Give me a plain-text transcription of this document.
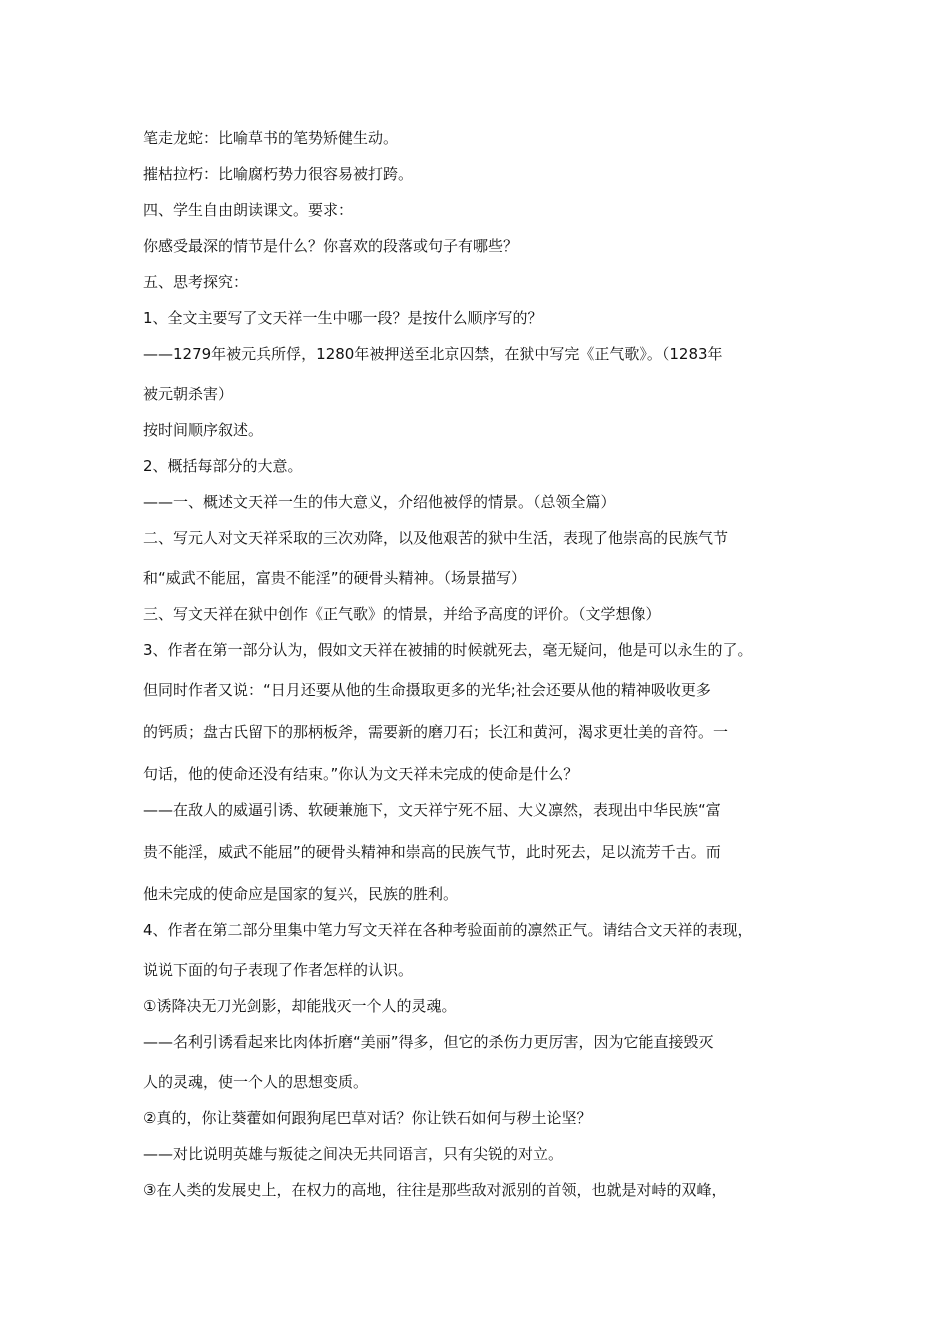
笔走龙蛇：比喻草书的笔势矫健生动。
摧枯拉朽：比喻腐朽势力很容易被打跨。
四、学生自由朗读课文。要求：
你感受最深的情节是什么？你喜欢的段落或句子有哪些？
五、思考探究：
1、全文主要写了文天祥一生中哪一段？是按什么顺序写的？
——1279年被元兵所俘，1280年被押送至北京囚禁，在狱中写完《正气歌》。（1283年
被元朝杀害）
按时间顺序叙述。
2、概括每部分的大意。
——一、概述文天祥一生的伟大意义，介绍他被俘的情景。（总领全篇）
二、写元人对文天祥采取的三次劝降，以及他艰苦的狱中生活，表现了他崇高的民族气节
和“威武不能屈，富贵不能淫”的硬骨头精神。（场景描写）
三、写文天祥在狱中创作《正气歌》的情景，并给予高度的评价。（文学想像）
3、作者在第一部分认为，假如文天祥在被捕的时候就死去，毫无疑问，他是可以永生的了。
但同时作者又说：“日月还要从他的生命摄取更多的光华;社会还要从他的精神吸收更多
的钙质；盘古氏留下的那柄板斧，需要新的磨刀石；长江和黄河，渴求更壮美的音符。一
句话，他的使命还没有结束。”你认为文天祥未完成的使命是什么？
——在敌人的威逼引诱、软硬兼施下，文天祥宁死不屈、大义凛然，表现出中华民族“富
贵不能淫，威武不能屈”的硬骨头精神和崇高的民族气节，此时死去，足以流芳千古。而
他未完成的使命应是国家的复兴，民族的胜利。
4、作者在第二部分里集中笔力写文天祥在各种考验面前的凛然正气。请结合文天祥的表现，
说说下面的句子表现了作者怎样的认识。
①诱降决无刀光剑影，却能戕灭一个人的灵魂。
——名利引诱看起来比肉体折磨“美丽”得多，但它的杀伤力更厉害，因为它能直接毁灭
人的灵魂，使一个人的思想变质。
②真的，你让葵藿如何跟狗尾巴草对话？你让铁石如何与秽土论坚？
——对比说明英雄与叛徒之间决无共同语言，只有尖锐的对立。
③在人类的发展史上，在权力的高地，往往是那些敌对派别的首领，也就是对峙的双峰，
